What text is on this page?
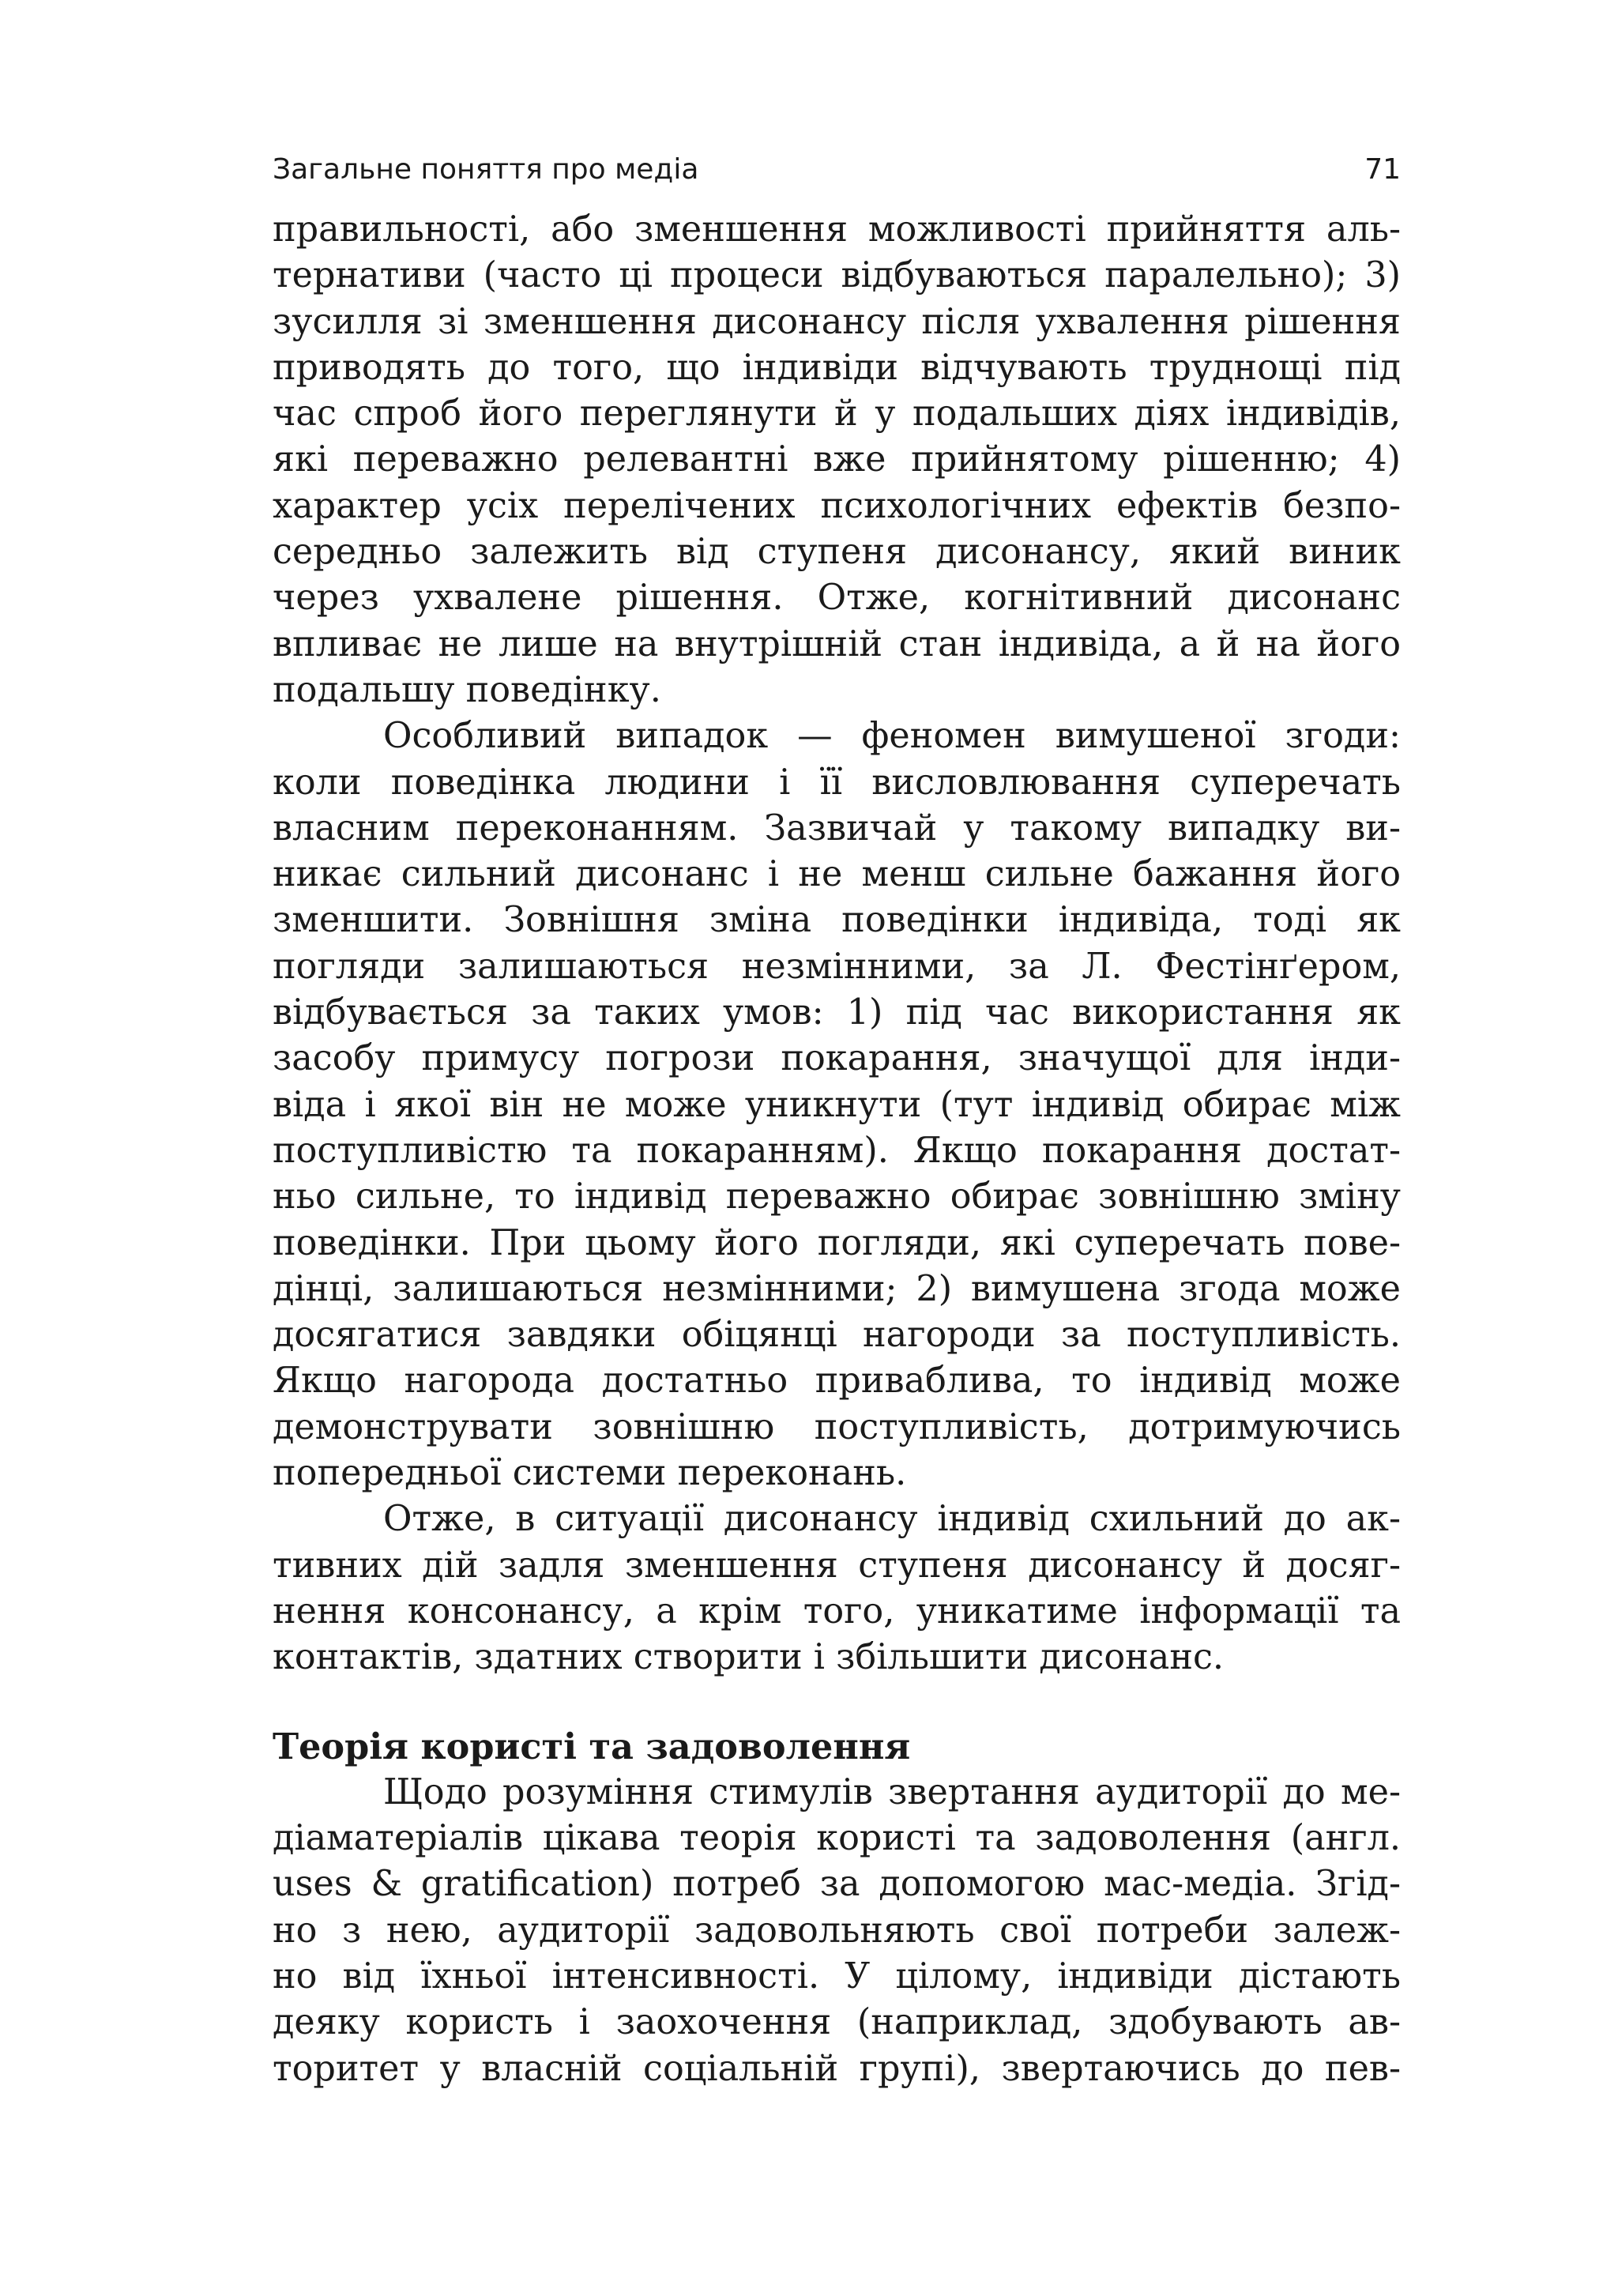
Загальне поняття про медіа	71

правильності, або зменшення можливості прийняття аль-
тернативи (часто ці процеси відбуваються паралельно); 3)
зусилля зі зменшення дисонансу після ухвалення рішення
приводять до того, що індивіди відчувають труднощі під
час спроб його переглянути й у подальших діях індивідів,
які переважно релевантні вже прийнятому рішенню; 4)
характер усіх перелічених психологічних ефектів безпо-
середньо залежить від ступеня дисонансу, який виник
через ухвалене рішення. Отже, когнітивний дисонанс
впливає не лише на внутрішній стан індивіда, а й на його
подальшу поведінку.

Особливий випадок — феномен вимушеної згоди:
коли поведінка людини і її висловлювання суперечать
власним переконанням. Зазвичай у такому випадку ви-
никає сильний дисонанс і не менш сильне бажання його
зменшити. Зовнішня зміна поведінки індивіда, тоді як
погляди залишаються незмінними, за Л. Фестінґером,
відбувається за таких умов: 1) під час використання як
засобу примусу погрози покарання, значущої для інди-
віда і якої він не може уникнути (тут індивід обирає між
поступливістю та покаранням). Якщо покарання достат-
ньо сильне, то індивід переважно обирає зовнішню зміну
поведінки. При цьому його погляди, які суперечать пове-
дінці, залишаються незмінними; 2) вимушена згода може
досягатися завдяки обіцянці нагороди за поступливість.
Якщо нагорода достатньо приваблива, то індивід може
демонструвати зовнішню поступливість, дотримуючись
попередньої системи переконань.

Отже, в ситуації дисонансу індивід схильний до ак-
тивних дій задля зменшення ступеня дисонансу й досяг-
нення консонансу, а крім того, уникатиме інформації та
контактів, здатних створити і збільшити дисонанс.

Теорія користі та задоволення

Щодо розуміння стимулів звертання аудиторії до ме-
діаматеріалів цікава теорія користі та задоволення (англ.
uses & gratification) потреб за допомогою мас-медіа. Згід-
но з нею, аудиторії задовольняють свої потреби залеж-
но від їхньої інтенсивності. У цілому, індивіди дістають
деяку користь і заохочення (наприклад, здобувають ав-
торитет у власній соціальній групі), звертаючись до пев-
